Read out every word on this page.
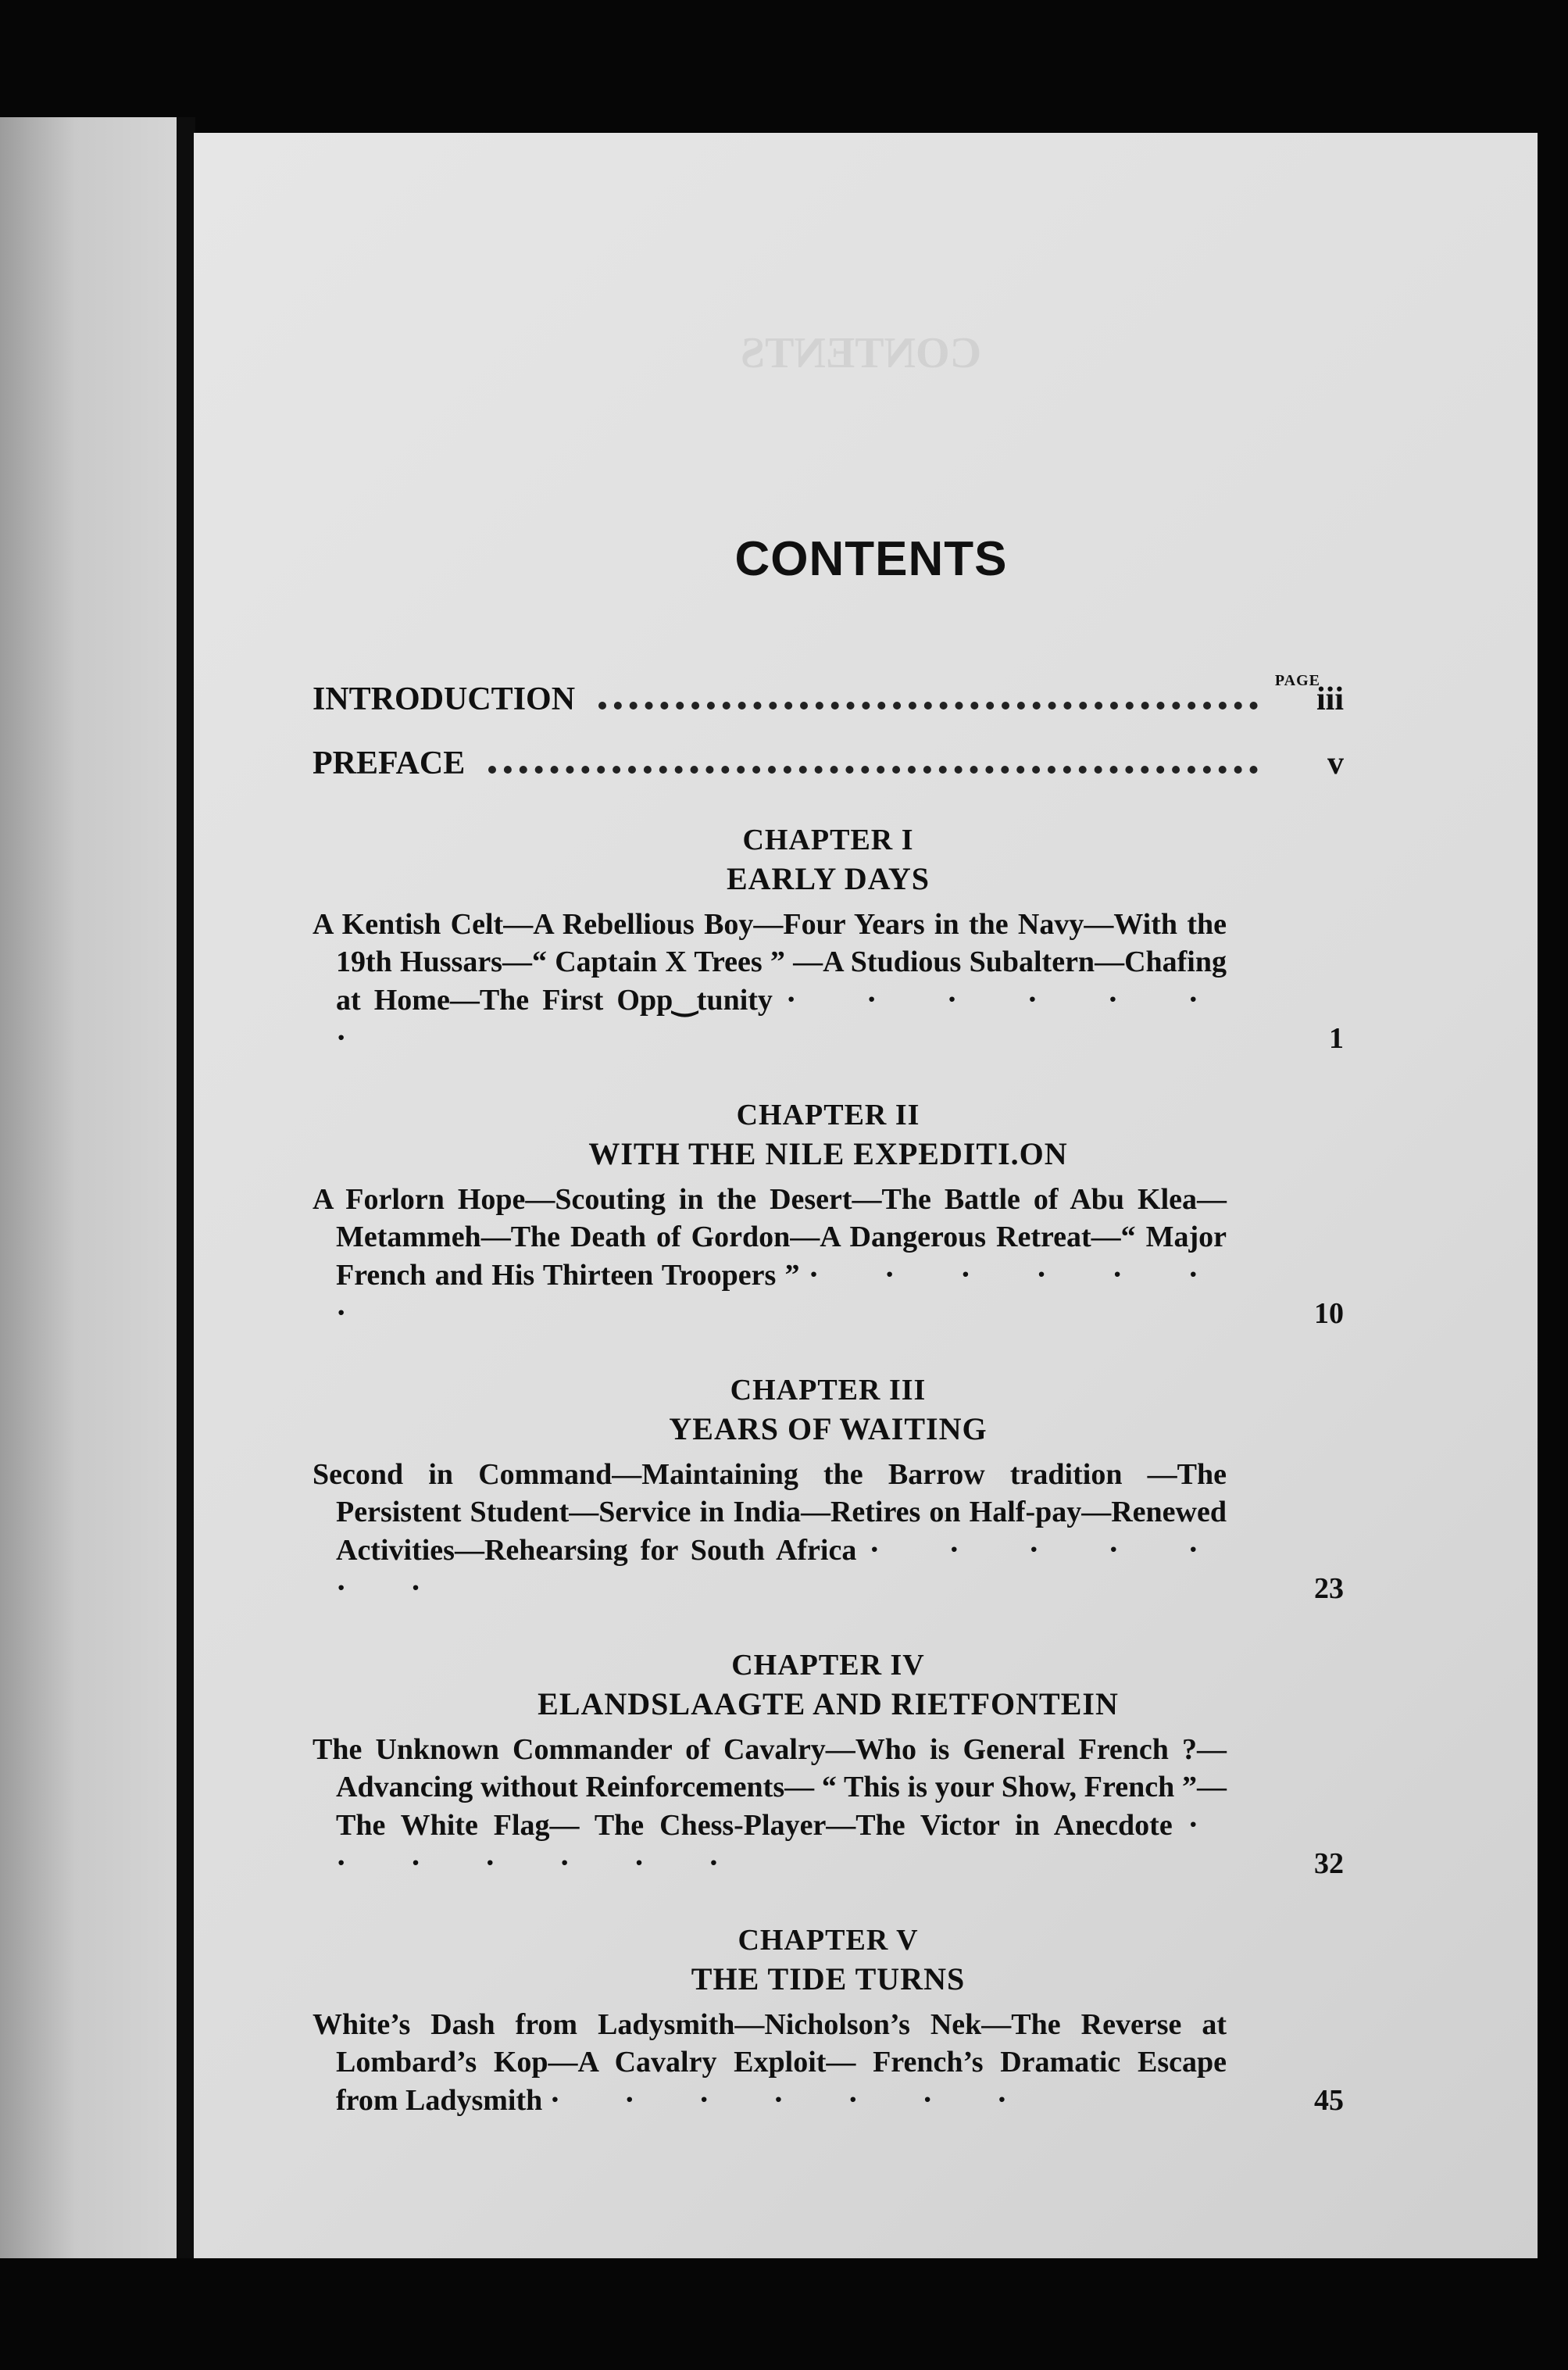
CONTENTS
CONTENTS
PAGE
INTRODUCTION	iii
PREFACE	v
CHAPTER I
EARLY DAYS
A Kentish Celt—A Rebellious Boy—Four Years in the Navy—With the 19th Hussars—“ Captain X Trees ” —A Studious Subaltern—Chafing at Home—The First Opp‿tunity · · · · · · ·	1
CHAPTER II
WITH THE NILE EXPEDITI.ON
A Forlorn Hope—Scouting in the Desert—The Battle of Abu Klea—Metammeh—The Death of Gordon—A Dangerous Retreat—“ Major French and His Thirteen Troopers ” · · · · · · ·	10
CHAPTER III
YEARS OF WAITING
Second in Command—Maintaining the Barrow tradition —The Persistent Student—Service in India—Retires on Half-pay—Renewed Activities—Rehearsing for South Africa · · · · · · ·	23
CHAPTER IV
ELANDSLAAGTE AND RIETFONTEIN
The Unknown Commander of Cavalry—Who is General French ?—Advancing without Reinforcements— “ This is your Show, French ”—The White Flag— The Chess-Player—The Victor in Anecdote · · · · · · ·	32
CHAPTER V
THE TIDE TURNS
White’s Dash from Ladysmith—Nicholson’s Nek—The Reverse at Lombard’s Kop—A Cavalry Exploit— French’s Dramatic Escape from Ladysmith · · · · · · ·	45
